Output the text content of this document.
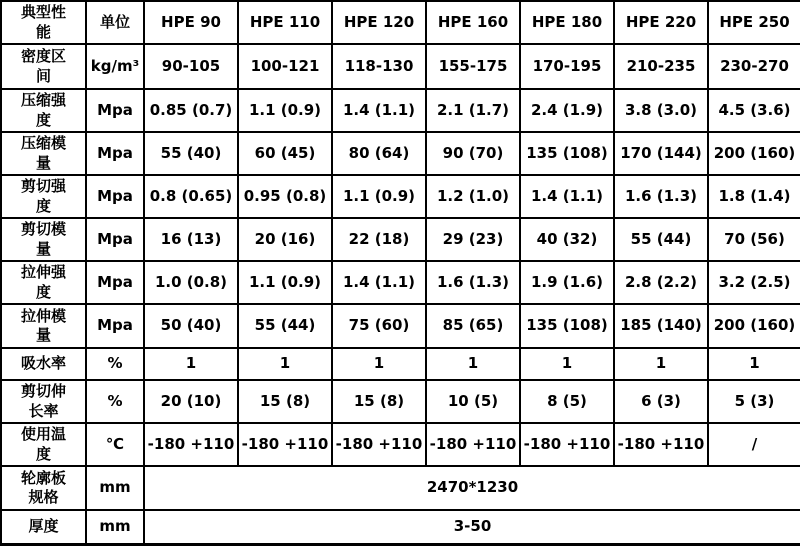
典型性能	单位	HPE 90	HPE 110	HPE 120	HPE 160	HPE 180	HPE 220	HPE 250
密度区间	kg/m³	90-105	100-121	118-130	155-175	170-195	210-235	230-270
压缩强度	Mpa	0.85 (0.7)	1.1 (0.9)	1.4 (1.1)	2.1 (1.7)	2.4 (1.9)	3.8 (3.0)	4.5 (3.6)
压缩模量	Mpa	55 (40)	60 (45)	80 (64)	90 (70)	135 (108)	170 (144)	200 (160)
剪切强度	Mpa	0.8 (0.65)	0.95 (0.8)	1.1 (0.9)	1.2 (1.0)	1.4 (1.1)	1.6 (1.3)	1.8 (1.4)
剪切模量	Mpa	16 (13)	20 (16)	22 (18)	29 (23)	40 (32)	55 (44)	70 (56)
拉伸强度	Mpa	1.0 (0.8)	1.1 (0.9)	1.4 (1.1)	1.6 (1.3)	1.9 (1.6)	2.8 (2.2)	3.2 (2.5)
拉伸模量	Mpa	50 (40)	55 (44)	75 (60)	85 (65)	135 (108)	185 (140)	200 (160)
吸水率	%	1	1	1	1	1	1	1
剪切伸长率	%	20 (10)	15 (8)	15 (8)	10 (5)	8 (5)	6 (3)	5 (3)
使用温度	℃	-180 +110	-180 +110	-180 +110	-180 +110	-180 +110	-180 +110	/
轮廓板规格	mm	2470*1230						
厚度	mm	3-50						
